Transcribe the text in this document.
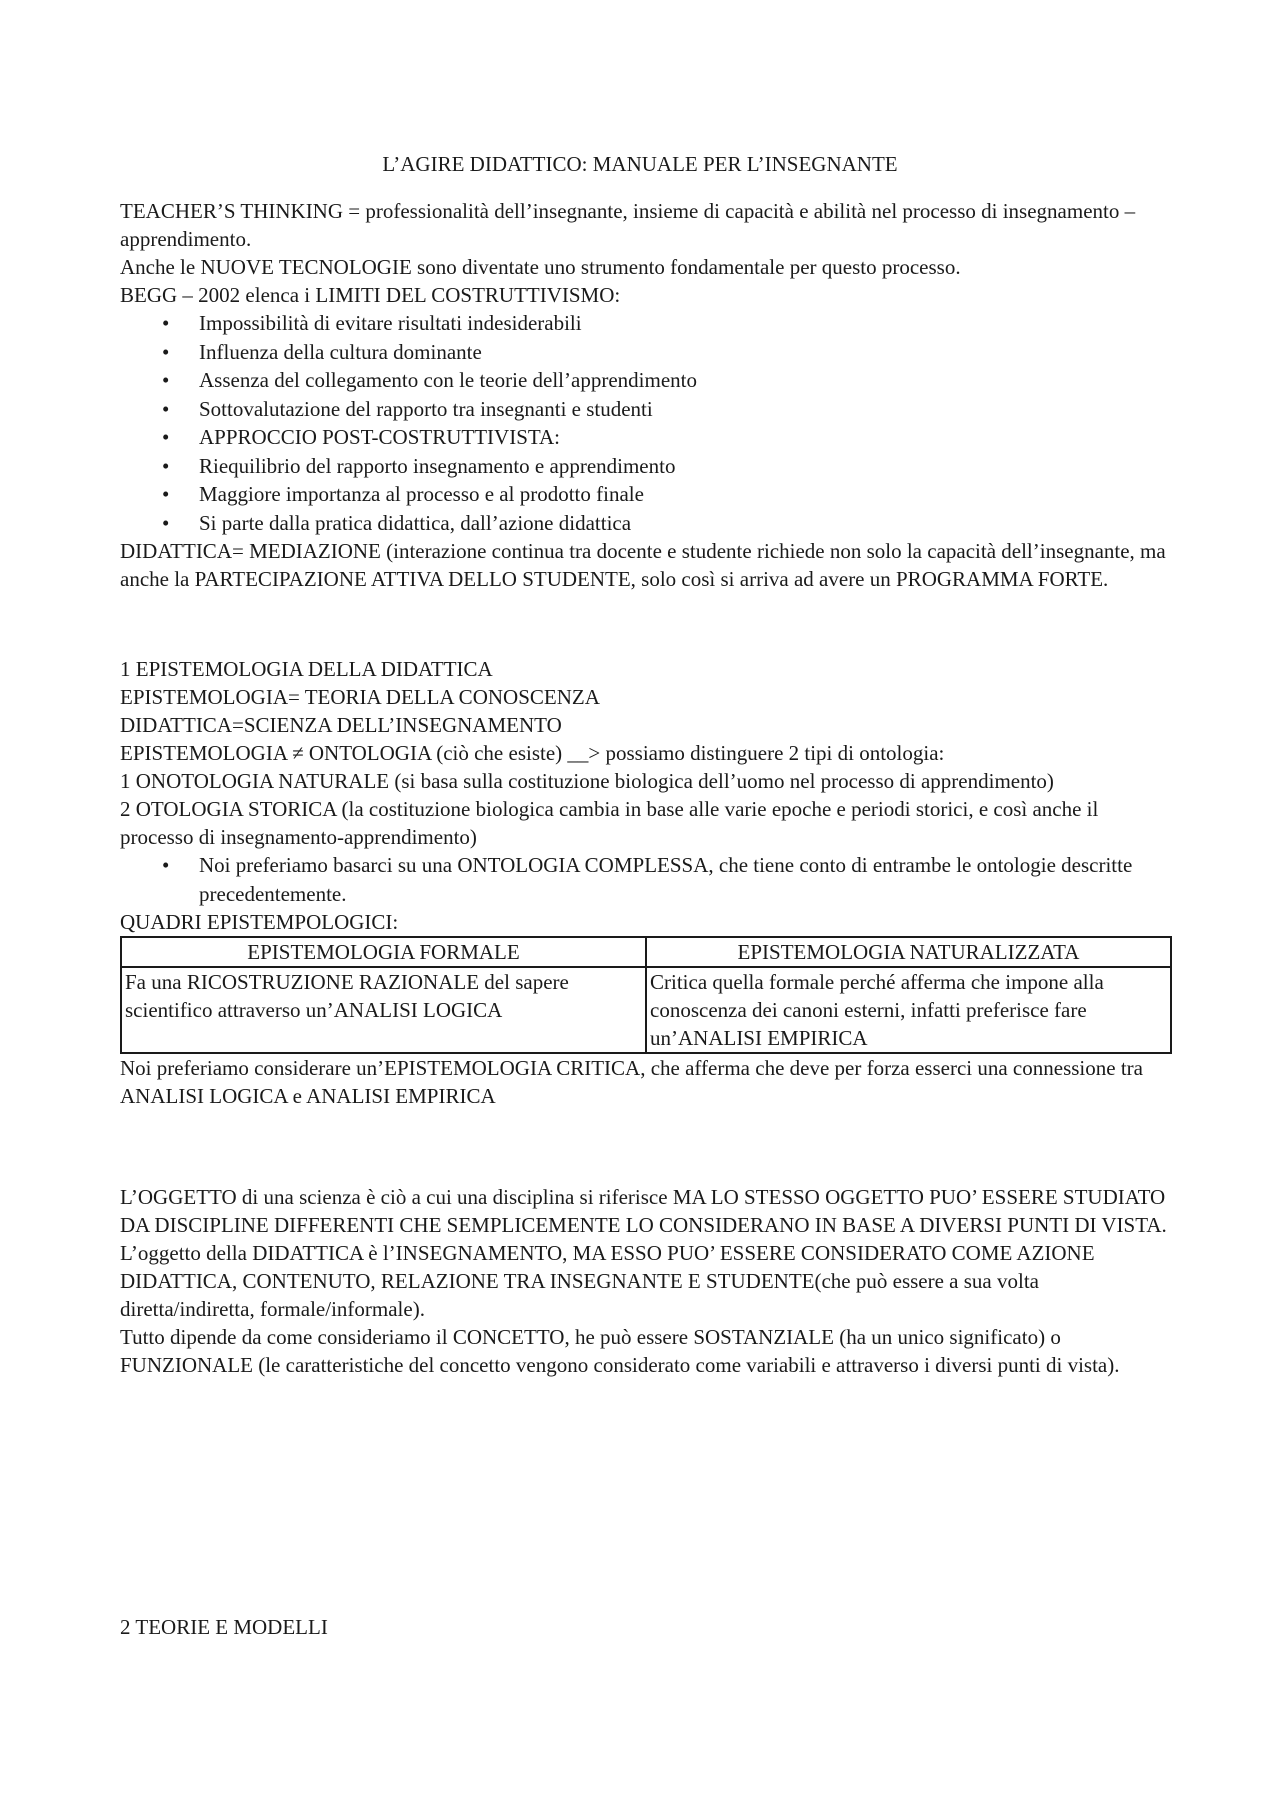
L’AGIRE DIDATTICO: MANUALE PER L’INSEGNANTE

TEACHER’S THINKING = professionalità dell’insegnante, insieme di capacità e abilità nel processo di insegnamento – apprendimento.

Anche le NUOVE TECNOLOGIE sono diventate uno strumento fondamentale per questo processo.

BEGG – 2002 elenca i LIMITI DEL COSTRUTTIVISMO:

• Impossibilità di evitare risultati indesiderabili
• Influenza della cultura dominante
• Assenza del collegamento con le teorie dell’apprendimento
• Sottovalutazione del rapporto tra insegnanti e studenti
• APPROCCIO POST-COSTRUTTIVISTA:
• Riequilibrio del rapporto insegnamento e apprendimento
• Maggiore importanza al processo e al prodotto finale
• Si parte dalla pratica didattica, dall’azione didattica

DIDATTICA= MEDIAZIONE (interazione continua tra docente e studente richiede non solo la capacità dell’insegnante, ma anche la PARTECIPAZIONE ATTIVA DELLO STUDENTE, solo così si arriva ad avere un PROGRAMMA FORTE.

1 EPISTEMOLOGIA DELLA DIDATTICA

EPISTEMOLOGIA= TEORIA DELLA CONOSCENZA

DIDATTICA=SCIENZA DELL’INSEGNAMENTO

EPISTEMOLOGIA ≠ ONTOLOGIA (ciò che esiste) __> possiamo distinguere 2 tipi di ontologia:

1 ONOTOLOGIA NATURALE (si basa sulla costituzione biologica dell’uomo nel processo di apprendimento)

2 OTOLOGIA STORICA (la costituzione biologica cambia in base alle varie epoche e periodi storici, e così anche il processo di insegnamento-apprendimento)

• Noi preferiamo basarci su una ONTOLOGIA COMPLESSA, che tiene conto di entrambe le ontologie descritte precedentemente.

QUADRI EPISTEMPOLOGICI:

EPISTEMOLOGIA FORMALE	EPISTEMOLOGIA NATURALIZZATA
Fa una RICOSTRUZIONE RAZIONALE del sapere scientifico attraverso un’ANALISI LOGICA	Critica quella formale perché afferma che impone alla conoscenza dei canoni esterni, infatti preferisce fare un’ANALISI EMPIRICA

Noi preferiamo considerare un’EPISTEMOLOGIA CRITICA, che afferma che deve per forza esserci una connessione tra ANALISI LOGICA e ANALISI EMPIRICA

L’OGGETTO di una scienza è ciò a cui una disciplina si riferisce MA LO STESSO OGGETTO PUO’ ESSERE STUDIATO DA DISCIPLINE DIFFERENTI CHE SEMPLICEMENTE LO CONSIDERANO IN BASE A DIVERSI PUNTI DI VISTA.

L’oggetto della DIDATTICA è l’INSEGNAMENTO, MA ESSO PUO’ ESSERE CONSIDERATO COME AZIONE DIDATTICA, CONTENUTO, RELAZIONE TRA INSEGNANTE E STUDENTE(che può essere a sua volta diretta/indiretta, formale/informale).

Tutto dipende da come consideriamo il CONCETTO, he può essere SOSTANZIALE (ha un unico significato) o FUNZIONALE (le caratteristiche del concetto vengono considerato come variabili e attraverso i diversi punti di vista).

2 TEORIE E MODELLI
